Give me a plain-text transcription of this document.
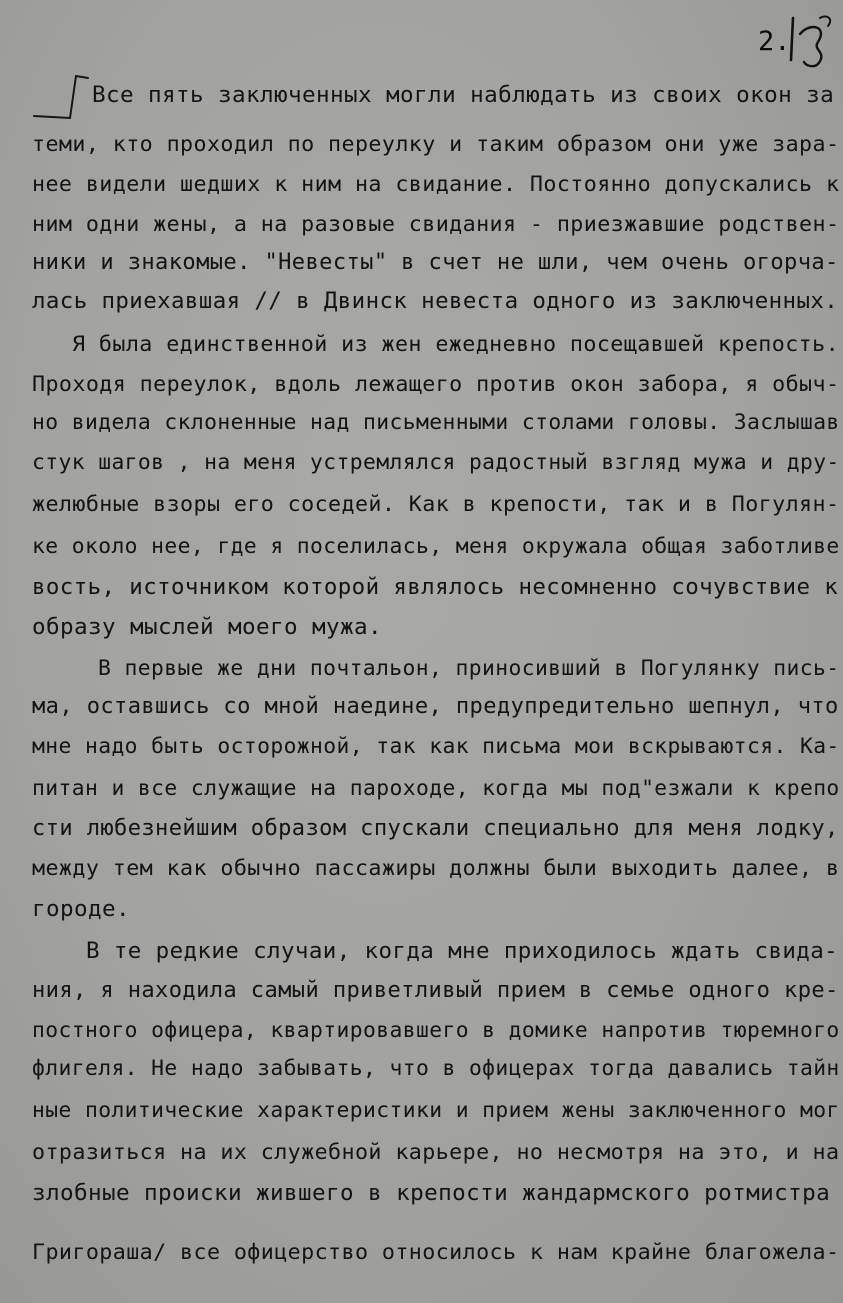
2.
Все пять заключенных могли наблюдать из своих окон за
теми, кто проходил по переулку и таким образом они уже зара-
нее видели шедших к ним на свидание. Постоянно допускались к
ним одни жены, а на разовые свидания - приезжавшие родствен-
ники и знакомые. "Невесты" в счет не шли, чем очень огорча-
лась приехавшая // в Двинск невеста одного из заключенных.
Я была единственной из жен ежедневно посещавшей крепость.
Проходя переулок, вдоль лежащего против окон забора, я обыч-
но видела склоненные над письменными столами головы. Заслышав
стук шагов , на меня устремлялся радостный взгляд мужа и дру-
желюбные взоры его соседей. Как в крепости, так и в Погулян-
ке около нее, где я поселилась, меня окружала общая заботливе
вость, источником которой являлось несомненно сочувствие к
образу мыслей моего мужа.
В первые же дни почтальон, приносивший в Погулянку пись-
ма, оставшись со мной наедине, предупредительно шепнул, что
мне надо быть осторожной, так как письма мои вскрываются. Ка-
питан и все служащие на пароходе, когда мы под"езжали к крепо
сти любезнейшим образом спускали специально для меня лодку,
между тем как обычно пассажиры должны были выходить далее, в
городе.
В те редкие случаи, когда мне приходилось ждать свида-
ния, я находила самый приветливый прием в семье одного кре-
постного офицера, квартировавшего в домике напротив тюремного
флигеля. Не надо забывать, что в офицерах тогда давались тайн
ные политические характеристики и прием жены заключенного мог
отразиться на их служебной карьере, но несмотря на это, и на
злобные происки жившего в крепости жандармского ротмистра
Григораша/ все офицерство относилось к нам крайне благожела-
